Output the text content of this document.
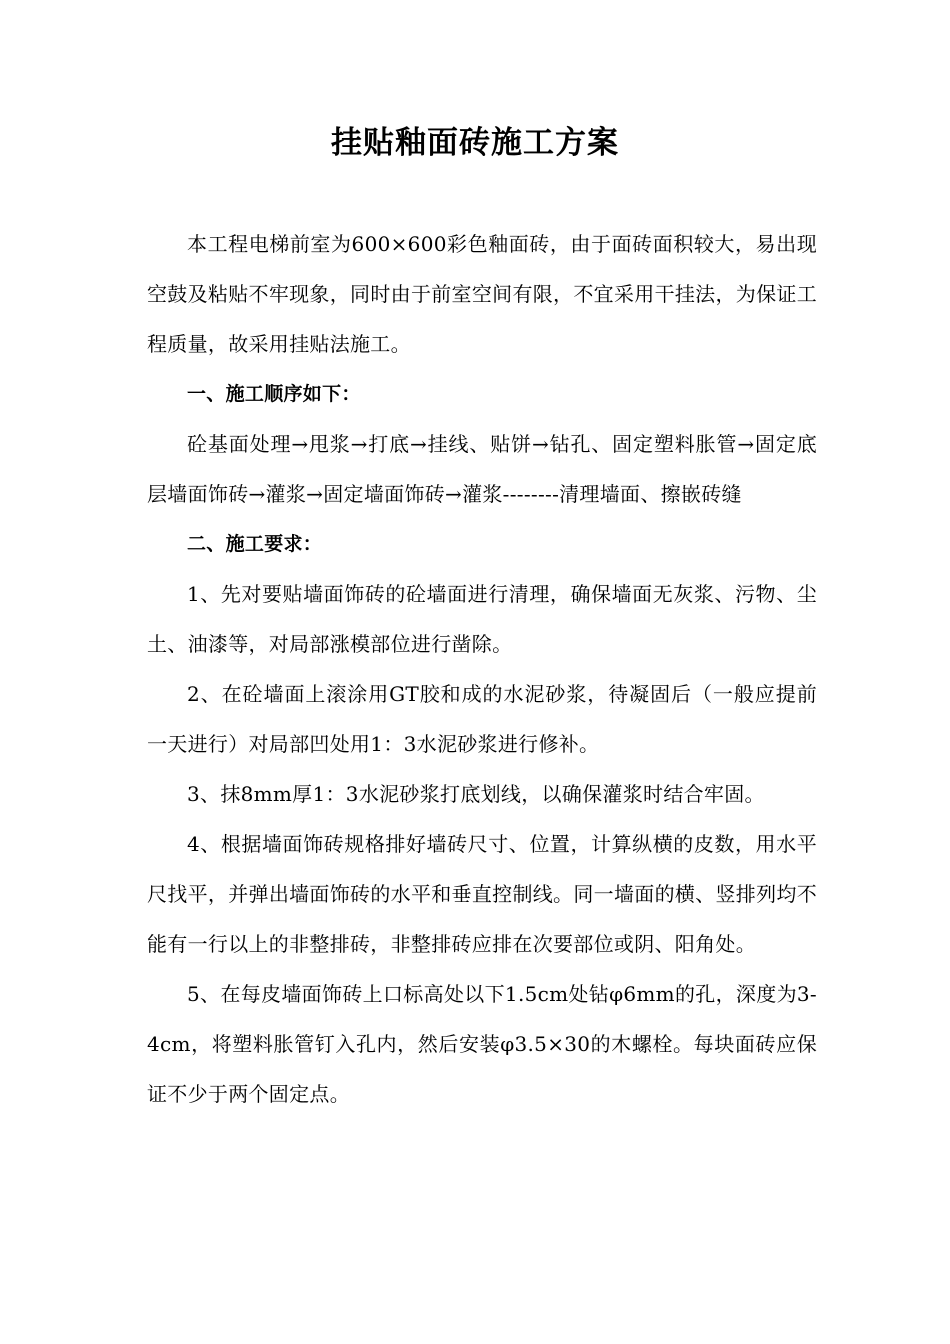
挂贴釉面砖施工方案

本工程电梯前室为600×600彩色釉面砖，由于面砖面积较大，易出现空鼓及粘贴不牢现象，同时由于前室空间有限，不宜采用干挂法，为保证工程质量，故采用挂贴法施工。

一、施工顺序如下：

砼基面处理→甩浆→打底→挂线、贴饼→钻孔、固定塑料胀管→固定底层墙面饰砖→灌浆→固定墙面饰砖→灌浆--------清理墙面、擦嵌砖缝

二、施工要求：

1、先对要贴墙面饰砖的砼墙面进行清理，确保墙面无灰浆、污物、尘土、油漆等，对局部涨模部位进行凿除。

2、在砼墙面上滚涂用GT胶和成的水泥砂浆，待凝固后（一般应提前一天进行）对局部凹处用1：3水泥砂浆进行修补。

3、抹8mm厚1：3水泥砂浆打底划线，以确保灌浆时结合牢固。

4、根据墙面饰砖规格排好墙砖尺寸、位置，计算纵横的皮数，用水平尺找平，并弹出墙面饰砖的水平和垂直控制线。同一墙面的横、竖排列均不能有一行以上的非整排砖，非整排砖应排在次要部位或阴、阳角处。

5、在每皮墙面饰砖上口标高处以下1.5cm处钻φ6mm的孔，深度为3-4cm，将塑料胀管钉入孔内，然后安装φ3.5×30的木螺栓。每块面砖应保证不少于两个固定点。
